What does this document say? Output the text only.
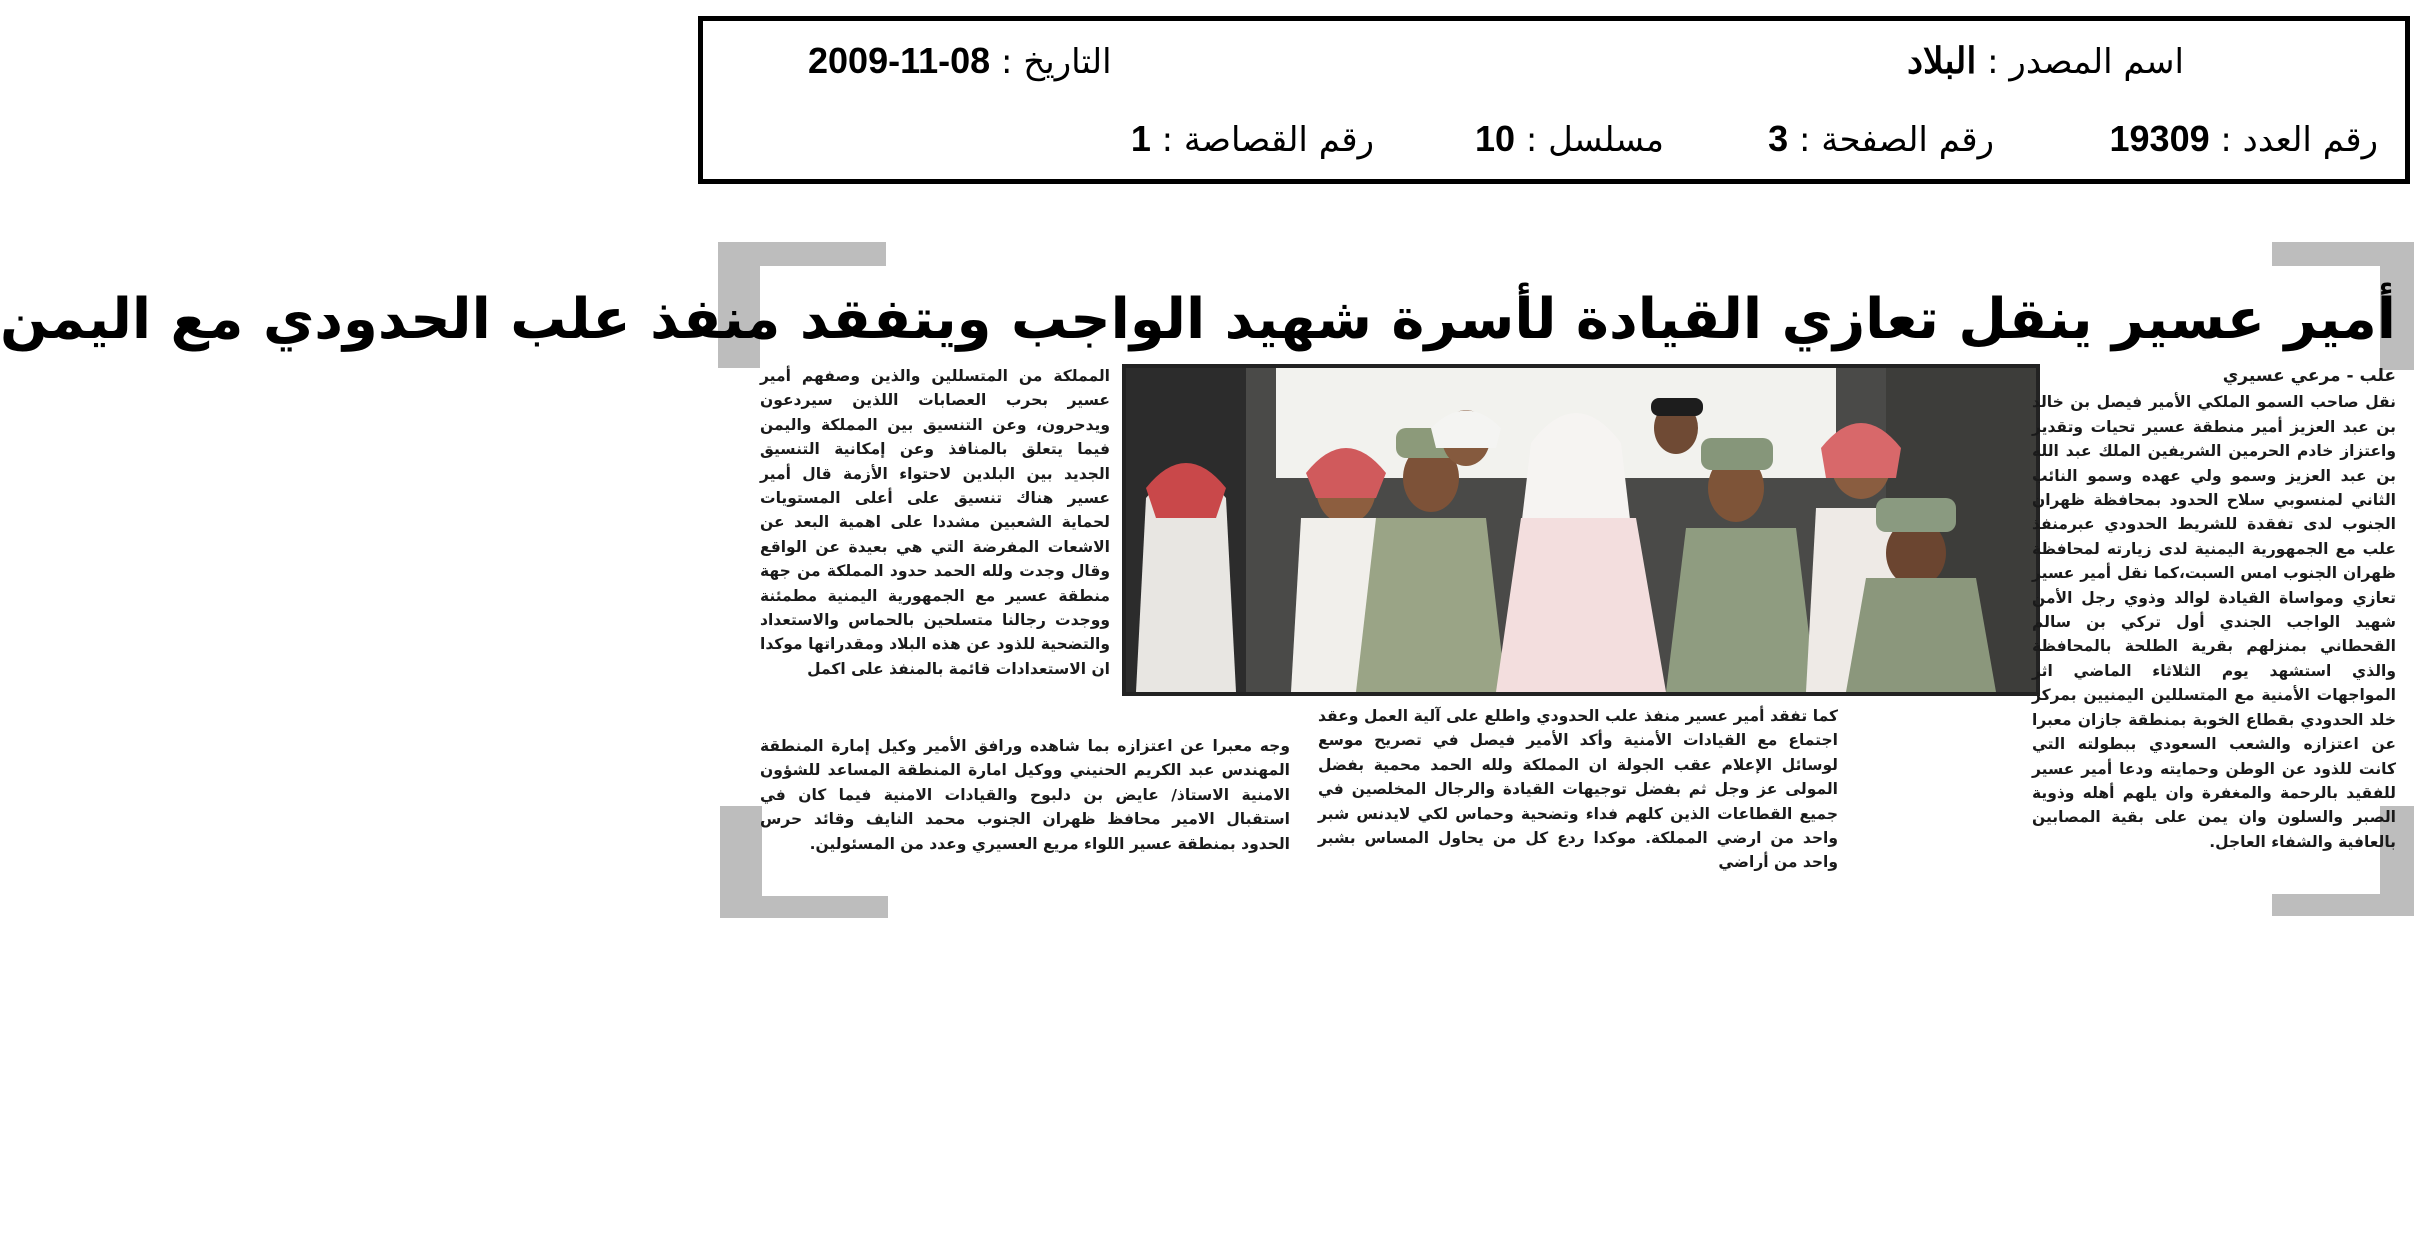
اسم المصدر : البلاد
التاريخ : 08-11-2009
رقم العدد : 19309
رقم الصفحة : 3
مسلسل : 10
رقم القصاصة : 1
أمير عسير ينقل تعازي القيادة لأسرة شهيد الواجب ويتفقد منفذ علب الحدودي مع اليمن

علب - مرعي عسيري

نقل صاحب السمو الملكي الأمير فيصل بن خالد بن عبد العزيز أمير منطقة عسير تحيات وتقدير واعتزاز خادم الحرمين الشريفين الملك عبد الله بن عبد العزيز وسمو ولي عهده وسمو النائب الثاني لمنسوبي سلاح الحدود بمحافظة ظهران الجنوب لدى تفقدة للشريط الحدودي عبرمنفذ علب مع الجمهورية اليمنية لدى زيارته لمحافظة ظهران الجنوب امس السبت،كما نقل أمير عسير تعازي ومواساة القيادة لوالد وذوي رجل الأمن شهيد الواجب الجندي أول تركي بن سالم القحطاني بمنزلهم بقرية الطلحة بالمحافظة والذي استشهد يوم الثلاثاء الماضي اثر المواجهات الأمنية مع المتسللين اليمنيين بمركز خلد الحدودي بقطاع الخوبة بمنطقة جازان معبرا عن اعتزازه والشعب السعودي ببطولته التي كانت للذود عن الوطن وحمايته ودعا أمير عسير للفقيد بالرحمة والمغفرة وان يلهم أهله وذوية الصبر والسلون وان يمن على بقية المصابين بالعافية والشفاء العاجل.

كما تفقد أمير عسير منفذ علب الحدودي واطلع على آلية العمل وعقد اجتماع مع القيادات الأمنية وأكد الأمير فيصل في تصريح موسع لوسائل الإعلام عقب الجولة ان المملكة ولله الحمد محمية بفضل المولى عز وجل ثم بفضل توجيهات القيادة والرجال المخلصين في جميع القطاعات الذين كلهم فداء وتضحية وحماس لكي لايدنس شبر واحد من ارضي المملكة. موكدا ردع كل من يحاول المساس بشبر واحد من أراضي

المملكة من المتسللين والذين وصفهم أمير عسير بحرب العصابات اللذين سيردعون ويدحرون، وعن التنسيق بين المملكة واليمن فيما يتعلق بالمنافذ وعن إمكانية التنسيق الجديد بين البلدين لاحتواء الأزمة قال أمير عسير هناك تنسيق على أعلى المستويات لحماية الشعبين مشددا على اهمية البعد عن الاشعات المفرضة التي هي بعيدة عن الواقع وقال وجدت ولله الحمد حدود المملكة من جهة منطقة عسير مع الجمهورية اليمنية مطمئنة ووجدت رجالنا متسلحين بالحماس والاستعداد والتضحية للذود عن هذه البلاد ومقدراتها موكدا ان الاستعدادات قائمة بالمنفذ على اكمل

وجه معبرا عن اعتزازه بما شاهده ورافق الأمير وكيل إمارة المنطقة المهندس عبد الكريم الحنيني ووكيل امارة المنطقة المساعد للشؤون الامنية الاستاذ/ عايض بن دلبوح والقيادات الامنية فيما كان في استقبال الامير محافظ ظهران الجنوب محمد النايف وقائد حرس الحدود بمنطقة عسير اللواء مريع العسيري وعدد من المسئولين.
